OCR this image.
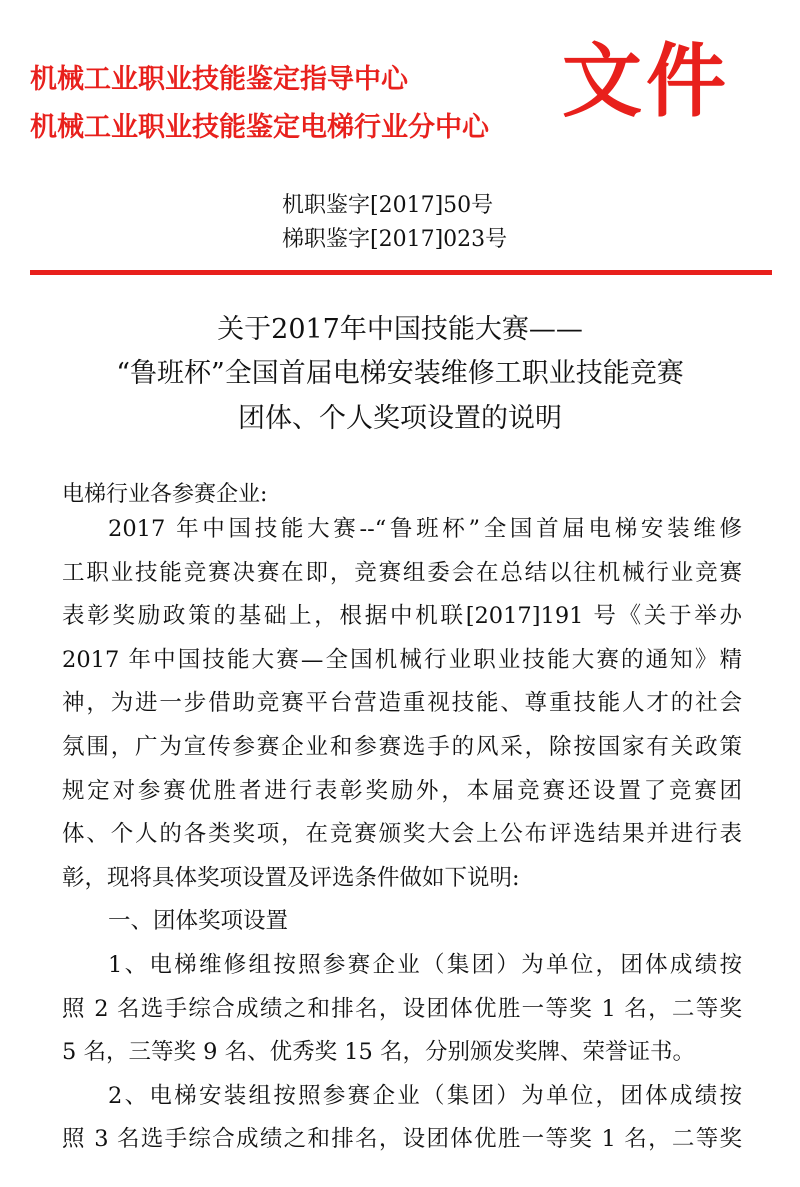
机械工业职业技能鉴定指导中心
机械工业职业技能鉴定电梯行业分中心 文件
机职鉴字[2017]50号
梯职鉴字[2017]023号
关于2017年中国技能大赛——
“鲁班杯”全国首届电梯安装维修工职业技能竞赛
团体、个人奖项设置的说明
电梯行业各参赛企业:
2017 年中国技能大赛--“鲁班杯”全国首届电梯安装维修
工职业技能竞赛决赛在即，竞赛组委会在总结以往机械行业竞赛
表彰奖励政策的基础上，根据中机联[2017]191 号《关于举办
2017 年中国技能大赛—全国机械行业职业技能大赛的通知》精
神，为进一步借助竞赛平台营造重视技能、尊重技能人才的社会
氛围，广为宣传参赛企业和参赛选手的风采，除按国家有关政策
规定对参赛优胜者进行表彰奖励外，本届竞赛还设置了竞赛团
体、个人的各类奖项，在竞赛颁奖大会上公布评选结果并进行表
彰，现将具体奖项设置及评选条件做如下说明:
一、团体奖项设置
1、电梯维修组按照参赛企业（集团）为单位，团体成绩按
照 2 名选手综合成绩之和排名，设团体优胜一等奖 1 名，二等奖
5 名，三等奖 9 名、优秀奖 15 名，分别颁发奖牌、荣誉证书。
2、电梯安装组按照参赛企业（集团）为单位，团体成绩按
照 3 名选手综合成绩之和排名，设团体优胜一等奖 1 名，二等奖
